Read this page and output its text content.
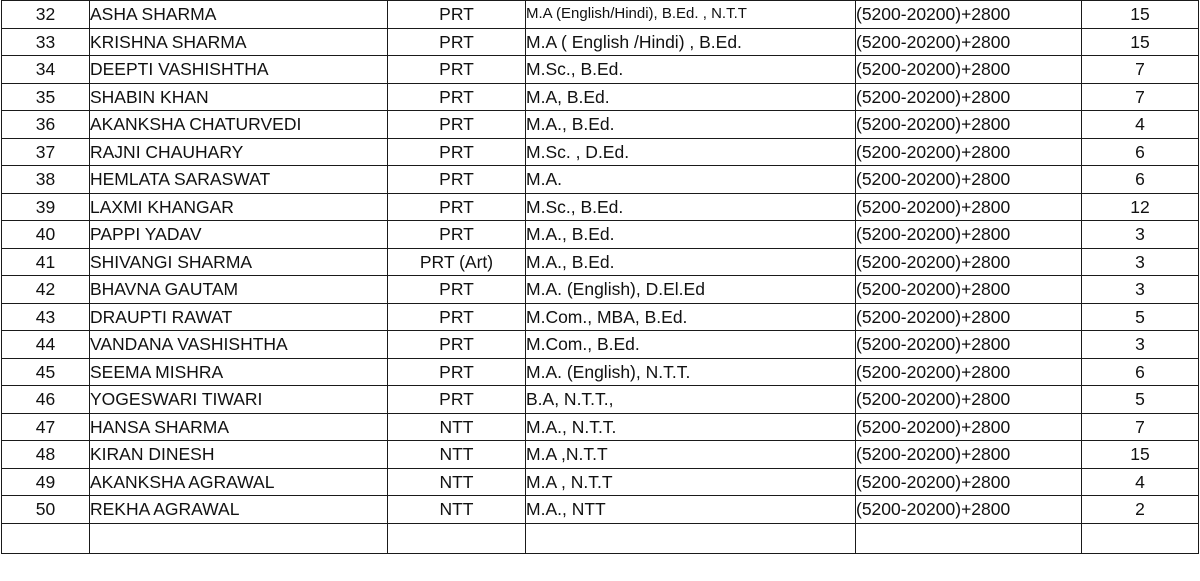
32	ASHA SHARMA	PRT	M.A (English/Hindi), B.Ed. , N.T.T	(5200-20200)+2800	15
33	KRISHNA SHARMA	PRT	M.A ( English /Hindi) , B.Ed.	(5200-20200)+2800	15
34	DEEPTI VASHISHTHA	PRT	M.Sc., B.Ed.	(5200-20200)+2800	7
35	SHABIN KHAN	PRT	M.A, B.Ed.	(5200-20200)+2800	7
36	AKANKSHA CHATURVEDI	PRT	M.A., B.Ed.	(5200-20200)+2800	4
37	RAJNI CHAUHARY	PRT	M.Sc. , D.Ed.	(5200-20200)+2800	6
38	HEMLATA SARASWAT	PRT	M.A.	(5200-20200)+2800	6
39	LAXMI KHANGAR	PRT	M.Sc., B.Ed.	(5200-20200)+2800	12
40	PAPPI YADAV	PRT	M.A., B.Ed.	(5200-20200)+2800	3
41	SHIVANGI SHARMA	PRT (Art)	M.A., B.Ed.	(5200-20200)+2800	3
42	BHAVNA GAUTAM	PRT	M.A. (English), D.El.Ed	(5200-20200)+2800	3
43	DRAUPTI RAWAT	PRT	M.Com., MBA, B.Ed.	(5200-20200)+2800	5
44	VANDANA VASHISHTHA	PRT	M.Com., B.Ed.	(5200-20200)+2800	3
45	SEEMA MISHRA	PRT	M.A. (English), N.T.T.	(5200-20200)+2800	6
46	YOGESWARI TIWARI	PRT	B.A, N.T.T.,	(5200-20200)+2800	5
47	HANSA SHARMA	NTT	M.A., N.T.T.	(5200-20200)+2800	7
48	KIRAN DINESH	NTT	M.A ,N.T.T	(5200-20200)+2800	15
49	AKANKSHA AGRAWAL	NTT	M.A , N.T.T	(5200-20200)+2800	4
50	REKHA AGRAWAL	NTT	M.A., NTT	(5200-20200)+2800	2
